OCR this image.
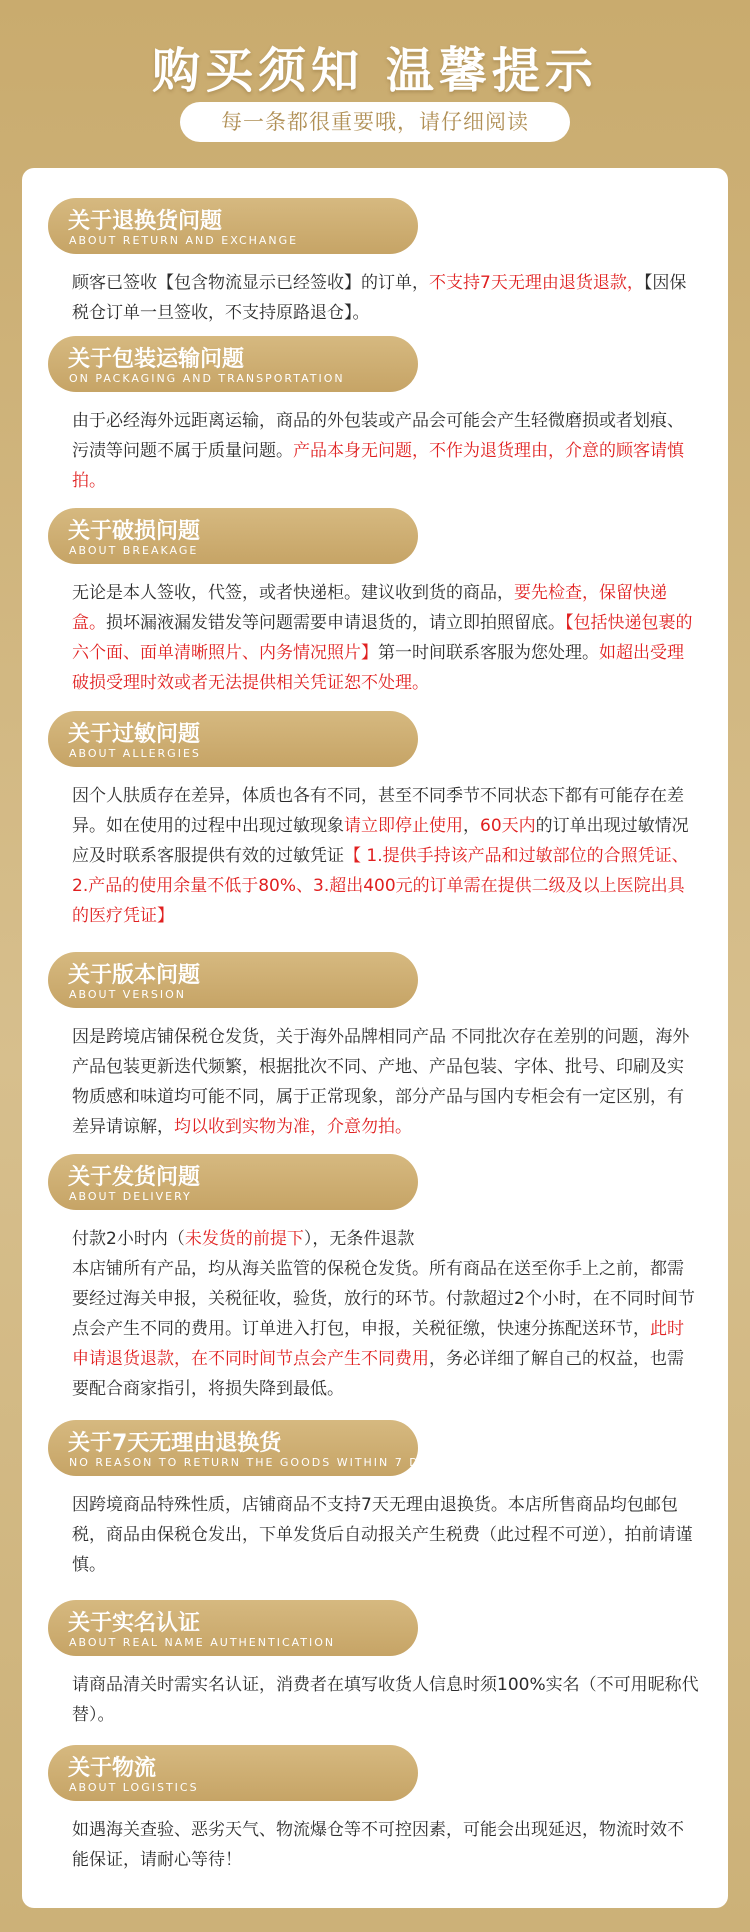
购买须知 温馨提示
每一条都很重要哦，请仔细阅读
关于退换货问题
ABOUT RETURN AND EXCHANGE

顾客已签收【包含物流显示已经签收】的订单，不支持7天无理由退货退款，【因保税仓订单一旦签收，不支持原路退仓】。

关于包装运输问题
ON PACKAGING AND TRANSPORTATION

由于必经海外远距离运输，商品的外包装或产品会可能会产生轻微磨损或者划痕、污渍等问题不属于质量问题。产品本身无问题，不作为退货理由，介意的顾客请慎拍。

关于破损问题
ABOUT BREAKAGE

无论是本人签收，代签，或者快递柜。建议收到货的商品，要先检查，保留快递盒。损坏漏液漏发错发等问题需要申请退货的，请立即拍照留底。【包括快递包裹的六个面、面单清晰照片、内务情况照片】第一时间联系客服为您处理。如超出受理破损受理时效或者无法提供相关凭证恕不处理。

关于过敏问题
ABOUT ALLERGIES

因个人肤质存在差异，体质也各有不同，甚至不同季节不同状态下都有可能存在差异。如在使用的过程中出现过敏现象请立即停止使用，60天内的订单出现过敏情况应及时联系客服提供有效的过敏凭证【 1.提供手持该产品和过敏部位的合照凭证、2.产品的使用余量不低于80%、3.超出400元的订单需在提供二级及以上医院出具的医疗凭证】

关于版本问题
ABOUT VERSION

因是跨境店铺保税仓发货，关于海外品牌相同产品 不同批次存在差别的问题，海外产品包装更新迭代频繁，根据批次不同、产地、产品包装、字体、批号、印刷及实物质感和味道均可能不同，属于正常现象，部分产品与国内专柜会有一定区别，有差异请谅解，均以收到实物为准，介意勿拍。

关于发货问题
ABOUT DELIVERY

付款2小时内（未发货的前提下），无条件退款
本店铺所有产品，均从海关监管的保税仓发货。所有商品在送至你手上之前，都需要经过海关申报，关税征收，验货，放行的环节。付款超过2个小时，在不同时间节点会产生不同的费用。订单进入打包，申报，关税征缴，快速分拣配送环节，此时申请退货退款，在不同时间节点会产生不同费用，务必详细了解自己的权益，也需要配合商家指引，将损失降到最低。

关于7天无理由退换货
NO REASON TO RETURN THE GOODS WITHIN 7 DAYS

因跨境商品特殊性质，店铺商品不支持7天无理由退换货。本店所售商品均包邮包税，商品由保税仓发出，下单发货后自动报关产生税费（此过程不可逆），拍前请谨慎。

关于实名认证
ABOUT REAL NAME AUTHENTICATION

请商品清关时需实名认证，消费者在填写收货人信息时须100%实名（不可用昵称代替）。

关于物流
ABOUT LOGISTICS

如遇海关查验、恶劣天气、物流爆仓等不可控因素，可能会出现延迟，物流时效不能保证，请耐心等待！
